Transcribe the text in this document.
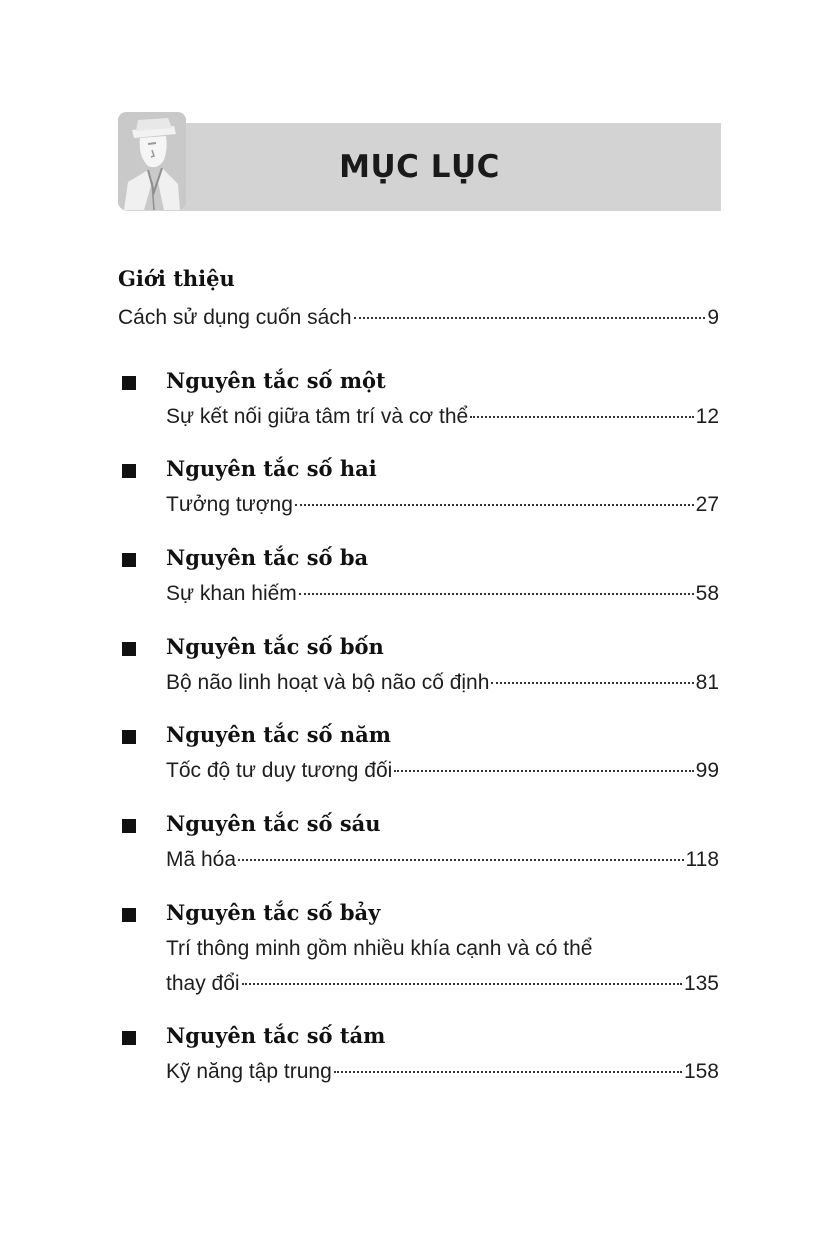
MỤC LỤC
Giới thiệu
Cách sử dụng cuốn sách	9
Nguyên tắc số một
Sự kết nối giữa tâm trí và cơ thể	12
Nguyên tắc số hai
Tưởng tượng	27
Nguyên tắc số ba
Sự khan hiếm	58
Nguyên tắc số bốn
Bộ não linh hoạt và bộ não cố định	81
Nguyên tắc số năm
Tốc độ tư duy tương đối	99
Nguyên tắc số sáu
Mã hóa	118
Nguyên tắc số bảy
Trí thông minh gồm nhiều khía cạnh và có thể
thay đổi	135
Nguyên tắc số tám
Kỹ năng tập trung	158
